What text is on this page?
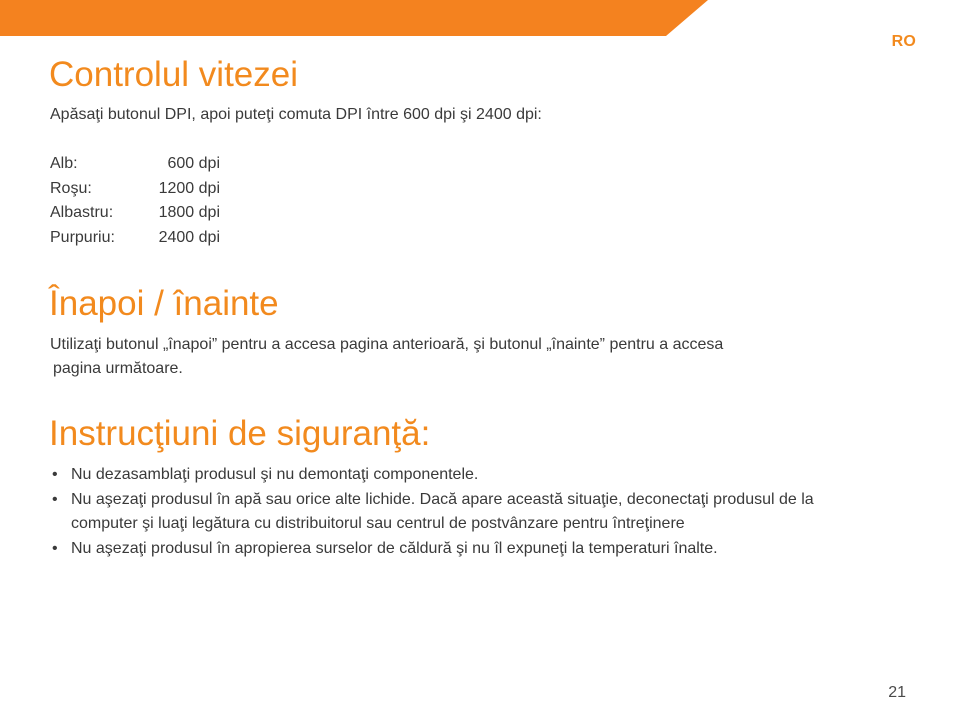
RO
Controlul vitezei

Apăsaţi butonul DPI, apoi puteţi comuta DPI între 600 dpi şi 2400 dpi:

Alb:	600 dpi
Roşu:	1200 dpi
Albastru:	1800 dpi
Purpuriu:	2400 dpi
Înapoi / înainte

Utilizaţi butonul „înapoi” pentru a accesa pagina anterioară, şi butonul „înainte” pentru a accesa
pagina următoare.

Instrucţiuni de siguranţă:
• Nu dezasamblaţi produsul şi nu demontaţi componentele.
• Nu aşezaţi produsul în apă sau orice alte lichide. Dacă apare această situaţie, deconectaţi produsul de la computer şi luaţi legătura cu distribuitorul sau centrul de postvânzare pentru întreţinere
• Nu aşezaţi produsul în apropierea surselor de căldură şi nu îl expuneţi la temperaturi înalte.
21
